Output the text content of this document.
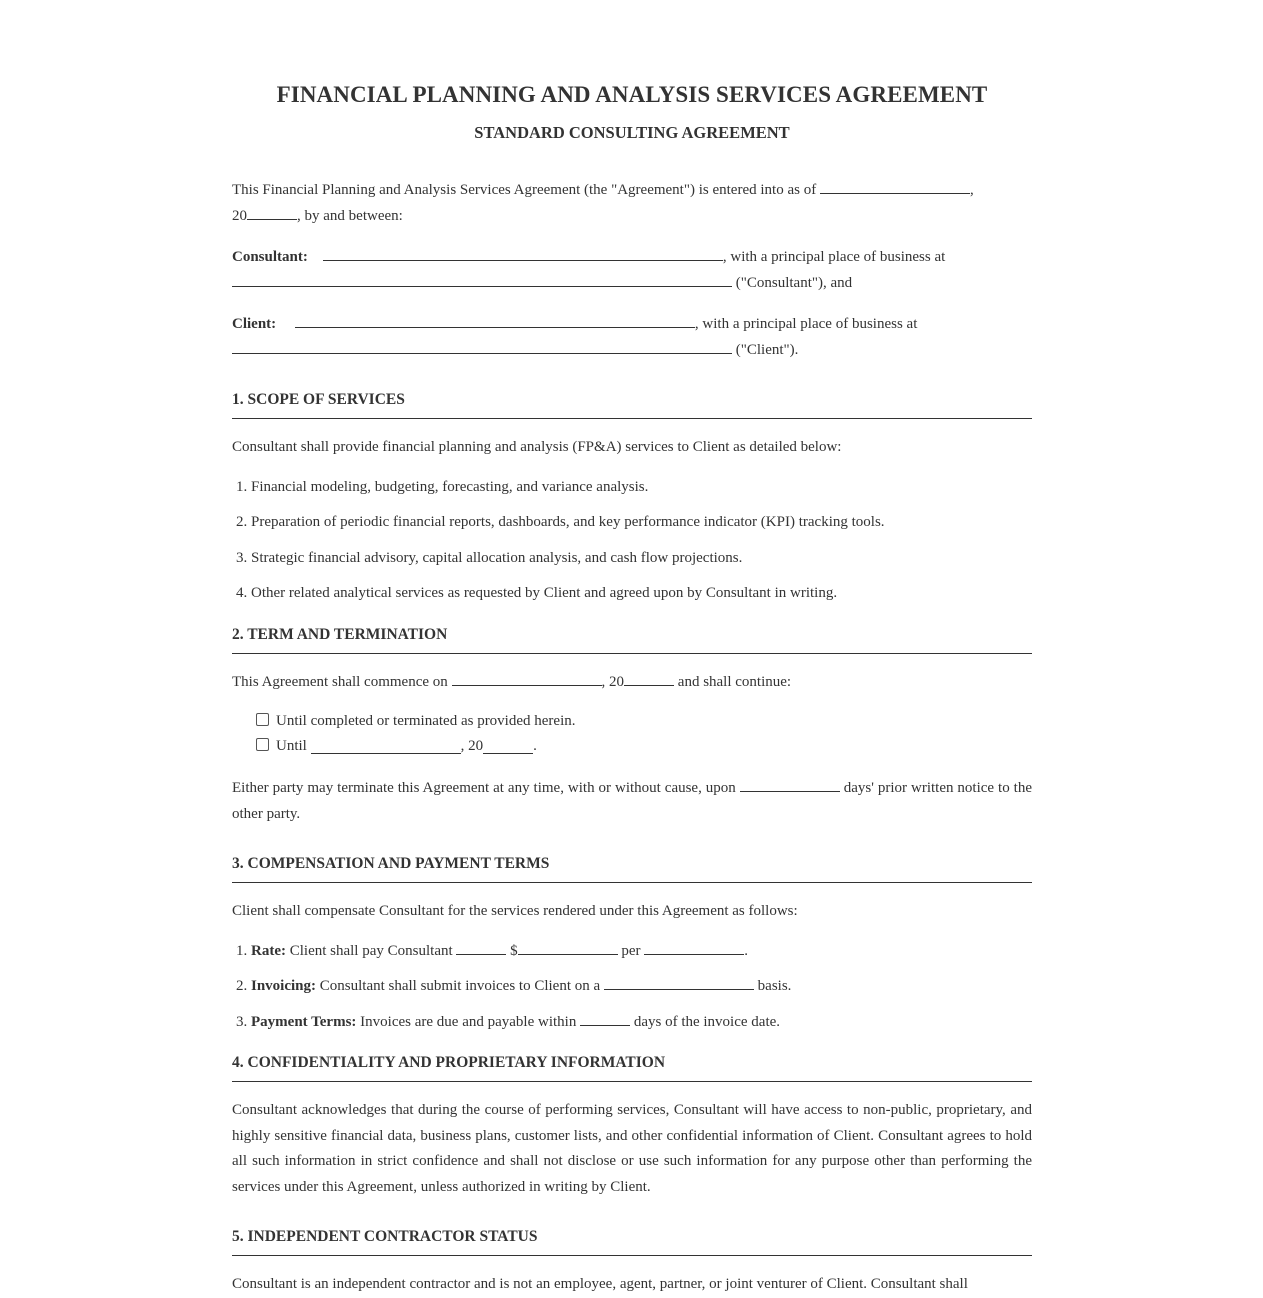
FINANCIAL PLANNING AND ANALYSIS SERVICES AGREEMENT
STANDARD CONSULTING AGREEMENT

This Financial Planning and Analysis Services Agreement (the "Agreement") is entered into as of	,
20	, by and between:

Consultant:	, with a principal place of business at
("Consultant"), and

Client:	, with a principal place of business at
("Client").

1. SCOPE OF SERVICES

Consultant shall provide financial planning and analysis (FP&A) services to Client as detailed below:

1. Financial modeling, budgeting, forecasting, and variance analysis.
2. Preparation of periodic financial reports, dashboards, and key performance indicator (KPI) tracking tools.
3. Strategic financial advisory, capital allocation analysis, and cash flow projections.
4. Other related analytical services as requested by Client and agreed upon by Consultant in writing.
2. TERM AND TERMINATION

This Agreement shall commence on	, 20	and shall continue:

Until completed or terminated as provided herein.
Until
	, 20	.

Either party may terminate this Agreement at any time, with or without cause, upon	days' prior written notice to the other party.

3. COMPENSATION AND PAYMENT TERMS

Client shall compensate Consultant for the services rendered under this Agreement as follows:

1. Rate: Client shall pay Consultant	$	per	.
2. Invoicing: Consultant shall submit invoices to Client on a	basis.
3. Payment Terms: Invoices are due and payable within	days of the invoice date.
4. CONFIDENTIALITY AND PROPRIETARY INFORMATION

Consultant acknowledges that during the course of performing services, Consultant will have access to non-public, proprietary, and highly sensitive financial data, business plans, customer lists, and other confidential information of Client. Consultant agrees to hold all such information in strict confidence and shall not disclose or use such information for any purpose other than performing the services under this Agreement, unless authorized in writing by Client.

5. INDEPENDENT CONTRACTOR STATUS

Consultant is an independent contractor and is not an employee, agent, partner, or joint venturer of Client. Consultant shall
